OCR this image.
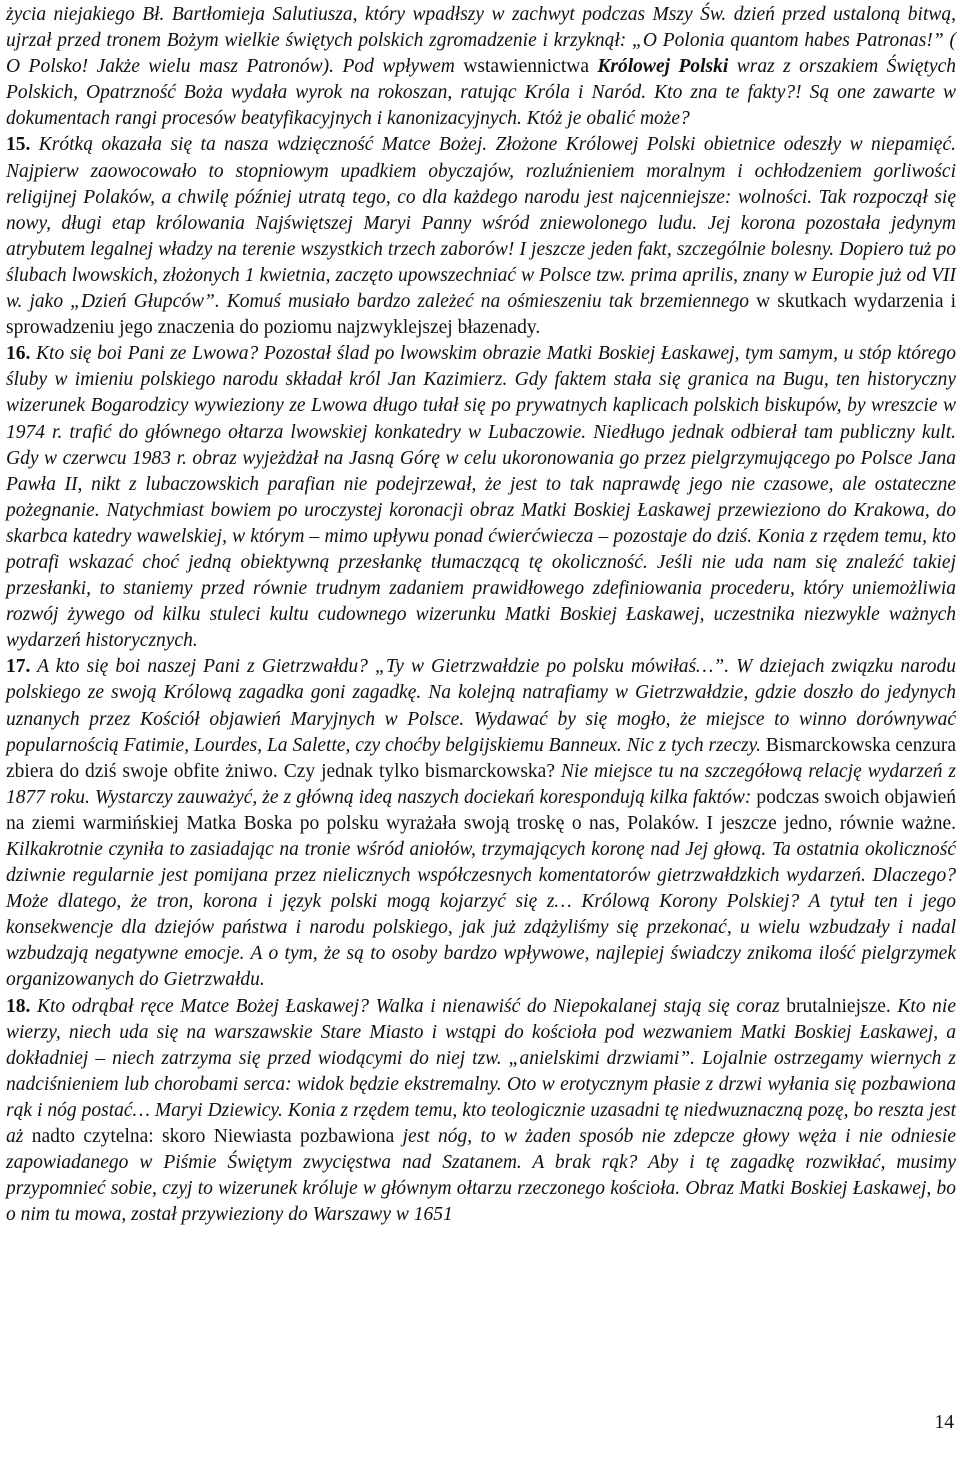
życia niejakiego Bł. Bartłomieja Salutiusza, który wpadłszy w zachwyt podczas Mszy Św. dzień przed ustaloną bitwą, ujrzał przed tronem Bożym wielkie świętych polskich zgromadzenie i krzyknął: „O Polonia quantom habes Patronas!” ( O Polsko! Jakże wielu masz Patronów). Pod wpływem wstawiennictwa Królowej Polski wraz z orszakiem Świętych Polskich, Opatrzność Boża wydała wyrok na rokoszan, ratując Króla i Naród. Kto zna te fakty?! Są one zawarte w dokumentach rangi procesów beatyfikacyjnych i kanonizacyjnych. Któż je obalić może?

15. Krótką okazała się ta nasza wdzięczność Matce Bożej. Złożone Królowej Polski obietnice odeszły w niepamięć. Najpierw zaowocowało to stopniowym upadkiem obyczajów, rozluźnieniem moralnym i ochłodzeniem gorliwości religijnej Polaków, a chwilę później utratą tego, co dla każdego narodu jest najcenniejsze: wolności. Tak rozpoczął się nowy, długi etap królowania Najświętszej Maryi Panny wśród zniewolonego ludu. Jej korona pozostała jedynym atrybutem legalnej władzy na terenie wszystkich trzech zaborów! I jeszcze jeden fakt, szczególnie bolesny. Dopiero tuż po ślubach lwowskich, złożonych 1 kwietnia, zaczęto upowszechniać w Polsce tzw. prima aprilis, znany w Europie już od VII w. jako „Dzień Głupców”. Komuś musiało bardzo zależeć na ośmieszeniu tak brzemiennego w skutkach wydarzenia i sprowadzeniu jego znaczenia do poziomu najzwyklejszej błazenady.

16. Kto się boi Pani ze Lwowa? Pozostał ślad po lwowskim obrazie Matki Boskiej Łaskawej, tym samym, u stóp którego śluby w imieniu polskiego narodu składał król Jan Kazimierz. Gdy faktem stała się granica na Bugu, ten historyczny wizerunek Bogarodzicy wywieziony ze Lwowa długo tułał się po prywatnych kaplicach polskich biskupów, by wreszcie w 1974 r. trafić do głównego ołtarza lwowskiej konkatedry w Lubaczowie. Niedługo jednak odbierał tam publiczny kult. Gdy w czerwcu 1983 r. obraz wyjeżdżał na Jasną Górę w celu ukoronowania go przez pielgrzymującego po Polsce Jana Pawła II, nikt z lubaczowskich parafian nie podejrzewał, że jest to tak naprawdę jego nie czasowe, ale ostateczne pożegnanie. Natychmiast bowiem po uroczystej koronacji obraz Matki Boskiej Łaskawej przewieziono do Krakowa, do skarbca katedry wawelskiej, w którym – mimo upływu ponad ćwierćwiecza – pozostaje do dziś. Konia z rzędem temu, kto potrafi wskazać choć jedną obiektywną przesłankę tłumaczącą tę okoliczność. Jeśli nie uda nam się znaleźć takiej przesłanki, to staniemy przed równie trudnym zadaniem prawidłowego zdefiniowania procederu, który uniemożliwia rozwój żywego od kilku stuleci kultu cudownego wizerunku Matki Boskiej Łaskawej, uczestnika niezwykle ważnych wydarzeń historycznych.

17. A kto się boi naszej Pani z Gietrzwałdu? „Ty w Gietrzwałdzie po polsku mówiłaś…”. W dziejach związku narodu polskiego ze swoją Królową zagadka goni zagadkę. Na kolejną natrafiamy w Gietrzwałdzie, gdzie doszło do jedynych uznanych przez Kościół objawień Maryjnych w Polsce. Wydawać by się mogło, że miejsce to winno dorównywać popularnością Fatimie, Lourdes, La Salette, czy choćby belgijskiemu Banneux. Nic z tych rzeczy. Bismarckowska cenzura zbiera do dziś swoje obfite żniwo. Czy jednak tylko bismarckowska? Nie miejsce tu na szczegółową relację wydarzeń z 1877 roku. Wystarczy zauważyć, że z główną ideą naszych dociekań korespondują kilka faktów: podczas swoich objawień na ziemi warmińskiej Matka Boska po polsku wyrażała swoją troskę o nas, Polaków. I jeszcze jedno, równie ważne. Kilkakrotnie czyniła to zasiadając na tronie wśród aniołów, trzymających koronę nad Jej głową. Ta ostatnia okoliczność dziwnie regularnie jest pomijana przez nielicznych współczesnych komentatorów gietrzwałdzkich wydarzeń. Dlaczego? Może dlatego, że tron, korona i język polski mogą kojarzyć się z… Królową Korony Polskiej? A tytuł ten i jego konsekwencje dla dziejów państwa i narodu polskiego, jak już zdążyliśmy się przekonać, u wielu wzbudzały i nadal wzbudzają negatywne emocje. A o tym, że są to osoby bardzo wpływowe, najlepiej świadczy znikoma ilość pielgrzymek organizowanych do Gietrzwałdu.

18. Kto odrąbał ręce Matce Bożej Łaskawej? Walka i nienawiść do Niepokalanej stają się coraz brutalniejsze. Kto nie wierzy, niech uda się na warszawskie Stare Miasto i wstąpi do kościoła pod wezwaniem Matki Boskiej Łaskawej, a dokładniej – niech zatrzyma się przed wiodącymi do niej tzw. „anielskimi drzwiami”. Lojalnie ostrzegamy wiernych z nadciśnieniem lub chorobami serca: widok będzie ekstremalny. Oto w erotycznym płasie z drzwi wyłania się pozbawiona rąk i nóg postać… Maryi Dziewicy. Konia z rzędem temu, kto teologicznie uzasadni tę niedwuznaczną pozę, bo reszta jest aż nadto czytelna: skoro Niewiasta pozbawiona jest nóg, to w żaden sposób nie zdepcze głowy węża i nie odniesie zapowiadanego w Piśmie Świętym zwycięstwa nad Szatanem. A brak rąk? Aby i tę zagadkę rozwikłać, musimy przypomnieć sobie, czyj to wizerunek króluje w głównym ołtarzu rzeczonego kościoła. Obraz Matki Boskiej Łaskawej, bo o nim tu mowa, został przywieziony do Warszawy w 1651

14
